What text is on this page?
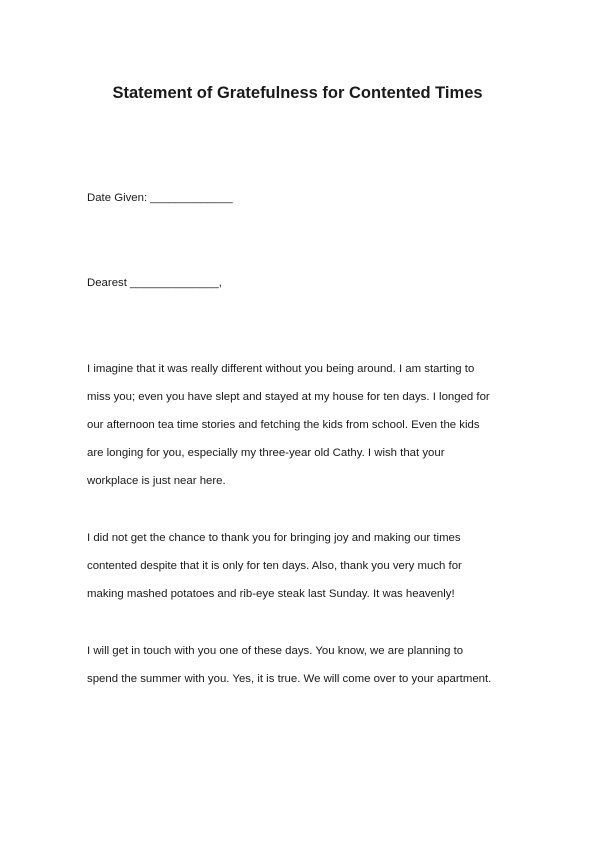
Statement of Gratefulness for Contented Times
Date Given: _____________
Dearest ______________,
I imagine that it was really different without you being around. I am starting to
miss you; even you have slept and stayed at my house for ten days. I longed for
our afternoon tea time stories and fetching the kids from school. Even the kids
are longing for you, especially my three-year old Cathy. I wish that your
workplace is just near here.
I did not get the chance to thank you for bringing joy and making our times
contented despite that it is only for ten days. Also, thank you very much for
making mashed potatoes and rib-eye steak last Sunday. It was heavenly!
I will get in touch with you one of these days. You know, we are planning to
spend the summer with you. Yes, it is true. We will come over to your apartment.
